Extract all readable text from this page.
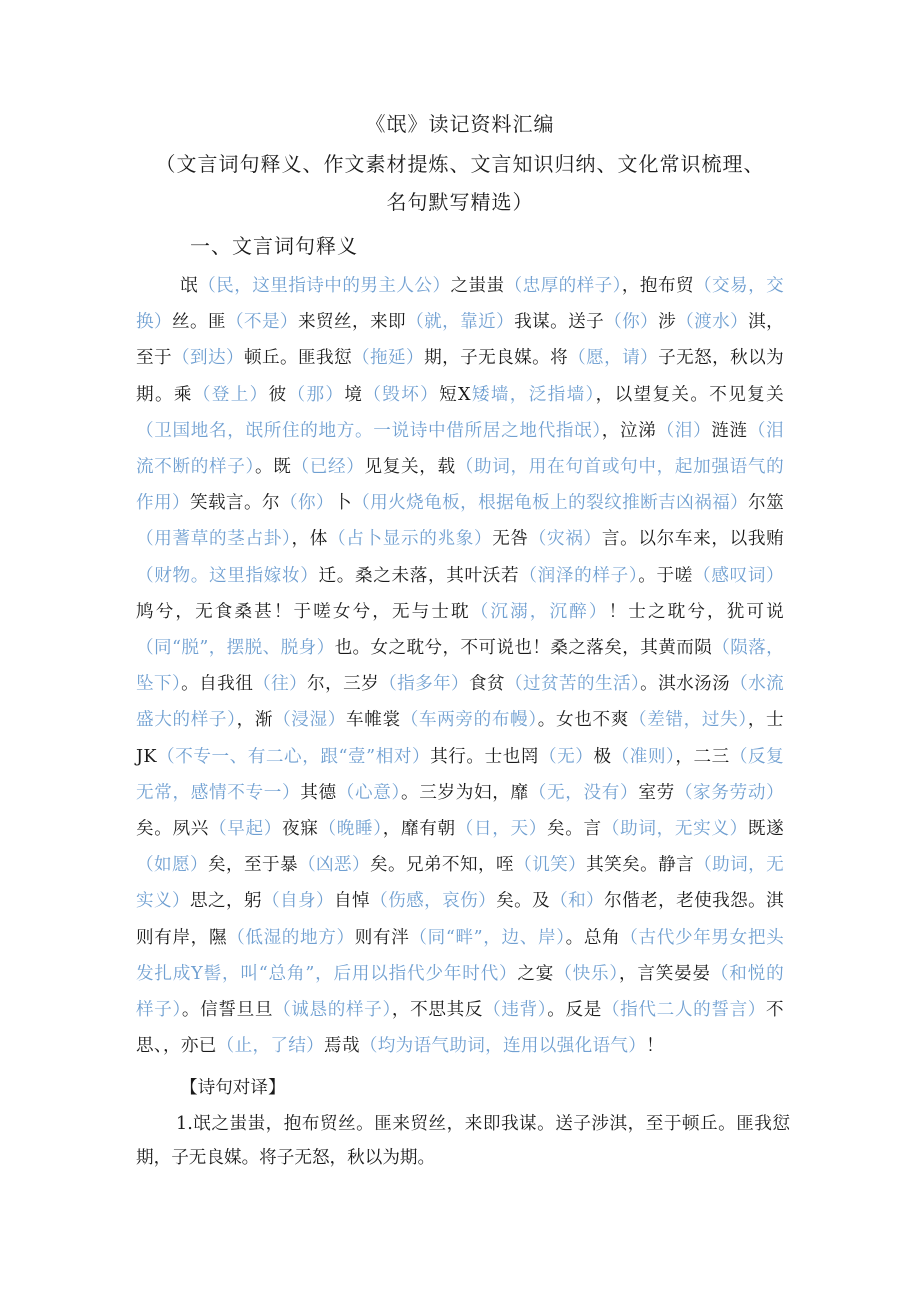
《氓》读记资料汇编
（文言词句释义、作文素材提炼、文言知识归纳、文化常识梳理、
名句默写精选）
一、文言词句释义
氓（民，这里指诗中的男主人公）之蚩蚩（忠厚的样子），抱布贸（交易，交换）丝。匪（不是）来贸丝，来即（就，靠近）我谋。送子（你）涉（渡水）淇，至于（到达）顿丘。匪我愆（拖延）期，子无良媒。将（愿，请）子无怒，秋以为期。乘（登上）彼（那）境（毁坏）短X矮墙，泛指墙），以望复关。不见复关（卫国地名，氓所住的地方。一说诗中借所居之地代指氓），泣涕（泪）涟涟（泪流不断的样子）。既（已经）见复关，载（助词，用在句首或句中，起加强语气的作用）笑载言。尔（你）卜（用火烧龟板，根据龟板上的裂纹推断吉凶祸福）尔筮（用蓍草的茎占卦），体（占卜显示的兆象）无咎（灾祸）言。以尔车来，以我贿（财物。这里指嫁妆）迁。桑之未落，其叶沃若（润泽的样子）。于嗟（感叹词）鸠兮，无食桑甚！于嗟女兮，无与士耽（沉溺，沉醉）！士之耽兮，犹可说（同“脱”，摆脱、脱身）也。女之耽兮，不可说也！桑之落矣，其黄而陨（陨落，坠下）。自我徂（往）尔，三岁（指多年）食贫（过贫苦的生活）。淇水汤汤（水流盛大的样子），渐（浸湿）车帷裳（车两旁的布幔）。女也不爽（差错，过失），士JK（不专一、有二心，跟“壹”相对）其行。士也罔（无）极（准则），二三（反复无常，感情不专一）其德（心意）。三岁为妇，靡（无，没有）室劳（家务劳动）矣。夙兴（早起）夜寐（晚睡），靡有朝（日，天）矣。言（助词，无实义）既遂（如愿）矣，至于暴（凶恶）矣。兄弟不知，咥（讥笑）其笑矣。静言（助词，无实义）思之，躬（自身）自悼（伤感，哀伤）矣。及（和）尔偕老，老使我怨。淇则有岸，隰（低湿的地方）则有泮（同“畔”，边、岸）。总角（古代少年男女把头发扎成Y髻，叫“总角”，后用以指代少年时代）之宴（快乐），言笑晏晏（和悦的样子）。信誓旦旦（诚恳的样子），不思其反（违背）。反是（指代二人的誓言）不思、，亦已（止，了结）焉哉（均为语气助词，连用以强化语气）！
【诗句对译】
1.氓之蚩蚩，抱布贸丝。匪来贸丝，来即我谋。送子涉淇，至于顿丘。匪我愆期，子无良媒。将子无怒，秋以为期。
